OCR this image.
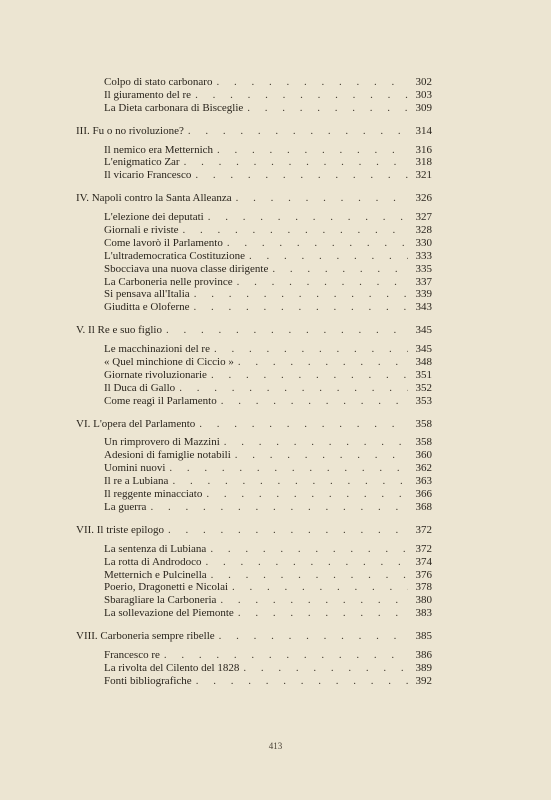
Colpo di stato carbonaro . . .	302
Il giuramento del re . . .	303
La Dieta carbonara di Bisceglie . . .	309
III. Fu o no rivoluzione? . . .	314
Il nemico era Metternich . . .	316
L'enigmatico Zar . . .	318
Il vicario Francesco . . .	321
IV. Napoli contro la Santa Alleanza . . .	326
L'elezione dei deputati . . .	327
Giornali e riviste . . .	328
Come lavorò il Parlamento . . .	330
L'ultrademocratica Costituzione . . .	333
Sbocciava una nuova classe dirigente . . .	335
La Carboneria nelle province . . .	337
Si pensava all'Italia . . .	339
Giuditta e Oloferne . . .	343
V. Il Re e suo figlio . . .	345
Le macchinazioni del re . . .	345
« Quel minchione di Ciccio » . . .	348
Giornate rivoluzionarie . . .	351
Il Duca di Gallo . . .	352
Come reagì il Parlamento . . .	353
VI. L'opera del Parlamento . . .	358
Un rimprovero di Mazzini . . .	358
Adesioni di famiglie notabili . . .	360
Uomini nuovi . . .	362
Il re a Lubiana . . .	363
Il reggente minacciato . . .	366
La guerra . . .	368
VII. Il triste epilogo . . .	372
La sentenza di Lubiana . . .	372
La rotta di Androdoco . . .	374
Metternich e Pulcinella . . .	376
Poerio, Dragonetti e Nicolai . . .	378
Sbaragliare la Carboneria . . .	380
La sollevazione del Piemonte . . .	383
VIII. Carboneria sempre ribelle . . .	385
Francesco re . . .	386
La rivolta del Cilento del 1828 . . .	389
Fonti bibliografiche . . .	392
413
